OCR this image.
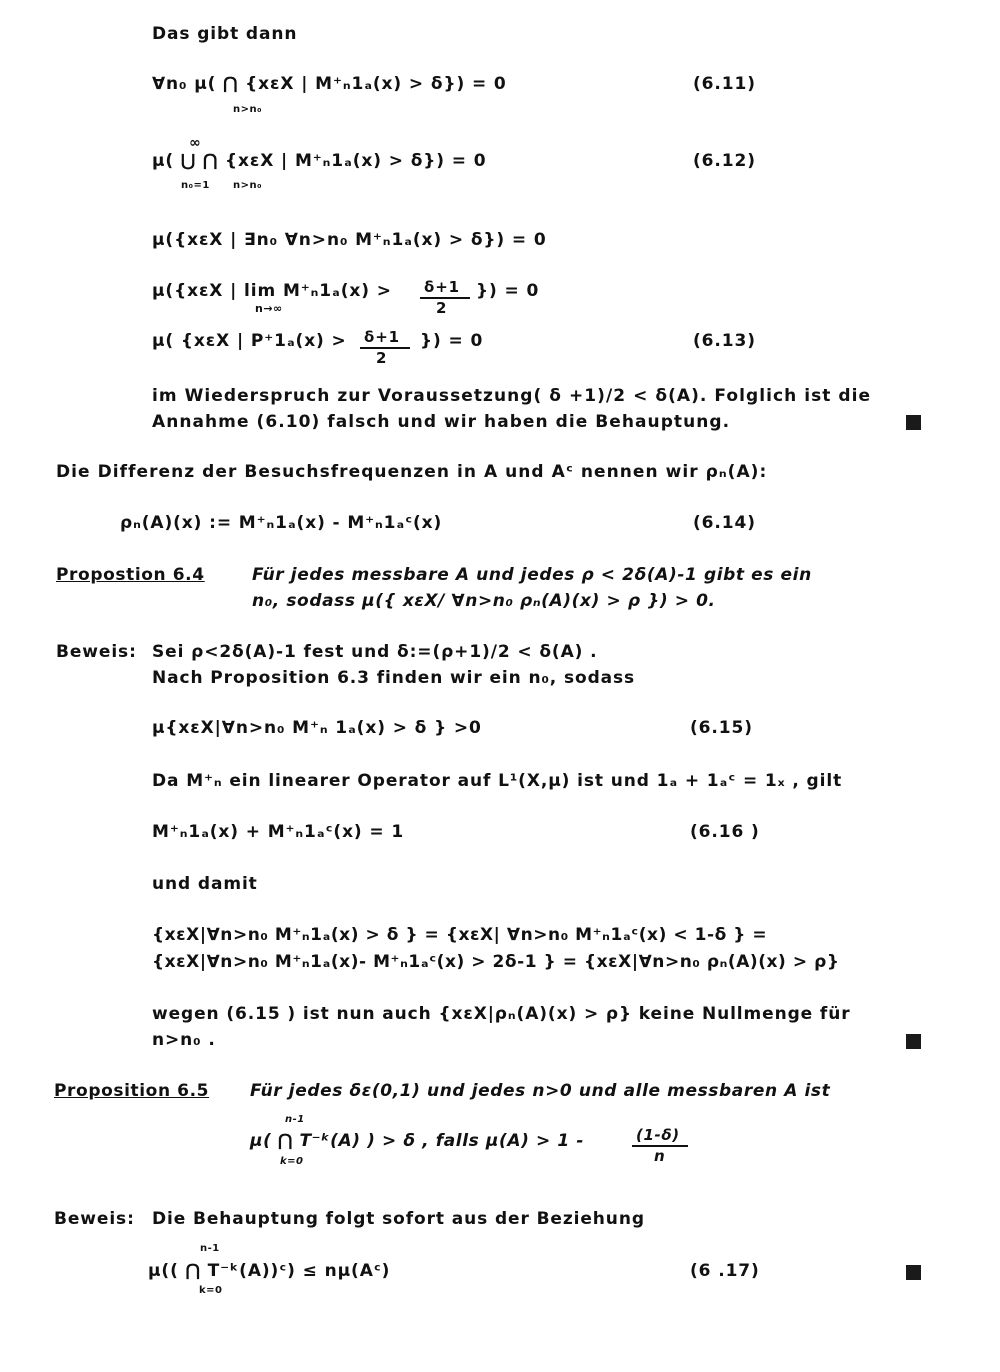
Das gibt dann
∀n₀ μ( ⋂ {xεX | M⁺ₙ1ₐ(x) > δ}) = 0
n>n₀
(6.11)
∞
μ( ⋃ ⋂ {xεX | M⁺ₙ1ₐ(x) > δ}) = 0
n₀=1 n>n₀
(6.12)
μ({xεX | ∃n₀ ∀n>n₀ M⁺ₙ1ₐ(x) > δ}) = 0
μ({xεX | lim M⁺ₙ1ₐ(x) >
n→∞
δ+1
2
}) = 0
μ( {xεX | P⁺1ₐ(x) > δ+1
2
}) = 0	(6.13)
im Wiederspruch zur Voraussetzung( δ +1)/2 < δ(A). Folglich ist die
Annahme (6.10) falsch und wir haben die Behauptung.
Die Differenz der Besuchsfrequenzen in A und Aᶜ nennen wir ρₙ(A):
ρₙ(A)(x) := M⁺ₙ1ₐ(x) - M⁺ₙ1ₐᶜ(x)	(6.14)
Propostion 6.4	Für jedes messbare A und jedes ρ < 2δ(A)-1 gibt es ein
n₀, sodass μ({ xεX/ ∀n>n₀ ρₙ(A)(x) > ρ }) > 0.
Beweis: Sei ρ<2δ(A)-1 fest und δ:=(ρ+1)/2 < δ(A) .
Nach Proposition 6.3 finden wir ein n₀, sodass
μ{xεX|∀n>n₀ M⁺ₙ 1ₐ(x) > δ } >0	(6.15)
Da M⁺ₙ ein linearer Operator auf L¹(X,μ) ist und 1ₐ + 1ₐᶜ = 1ₓ , gilt
M⁺ₙ1ₐ(x) + M⁺ₙ1ₐᶜ(x) = 1	(6.16 )
und damit
{xεX|∀n>n₀ M⁺ₙ1ₐ(x) > δ } = {xεX| ∀n>n₀ M⁺ₙ1ₐᶜ(x) < 1-δ } =
{xεX|∀n>n₀ M⁺ₙ1ₐ(x)- M⁺ₙ1ₐᶜ(x) > 2δ-1 } = {xεX|∀n>n₀ ρₙ(A)(x) > ρ}
wegen (6.15 ) ist nun auch {xεX|ρₙ(A)(x) > ρ} keine Nullmenge für
n>n₀ .
Proposition 6.5 Für jedes δε(0,1) und jedes n>0 und alle messbaren A ist
n-1
μ( ⋂ T⁻ᵏ(A) ) > δ , falls μ(A) > 1 -
k=0
(1-δ)
n
Beweis: Die Behauptung folgt sofort aus der Beziehung
n-1
μ(( ⋂ T⁻ᵏ(A))ᶜ) ≤ nμ(Aᶜ)
k=0
(6 .17)
